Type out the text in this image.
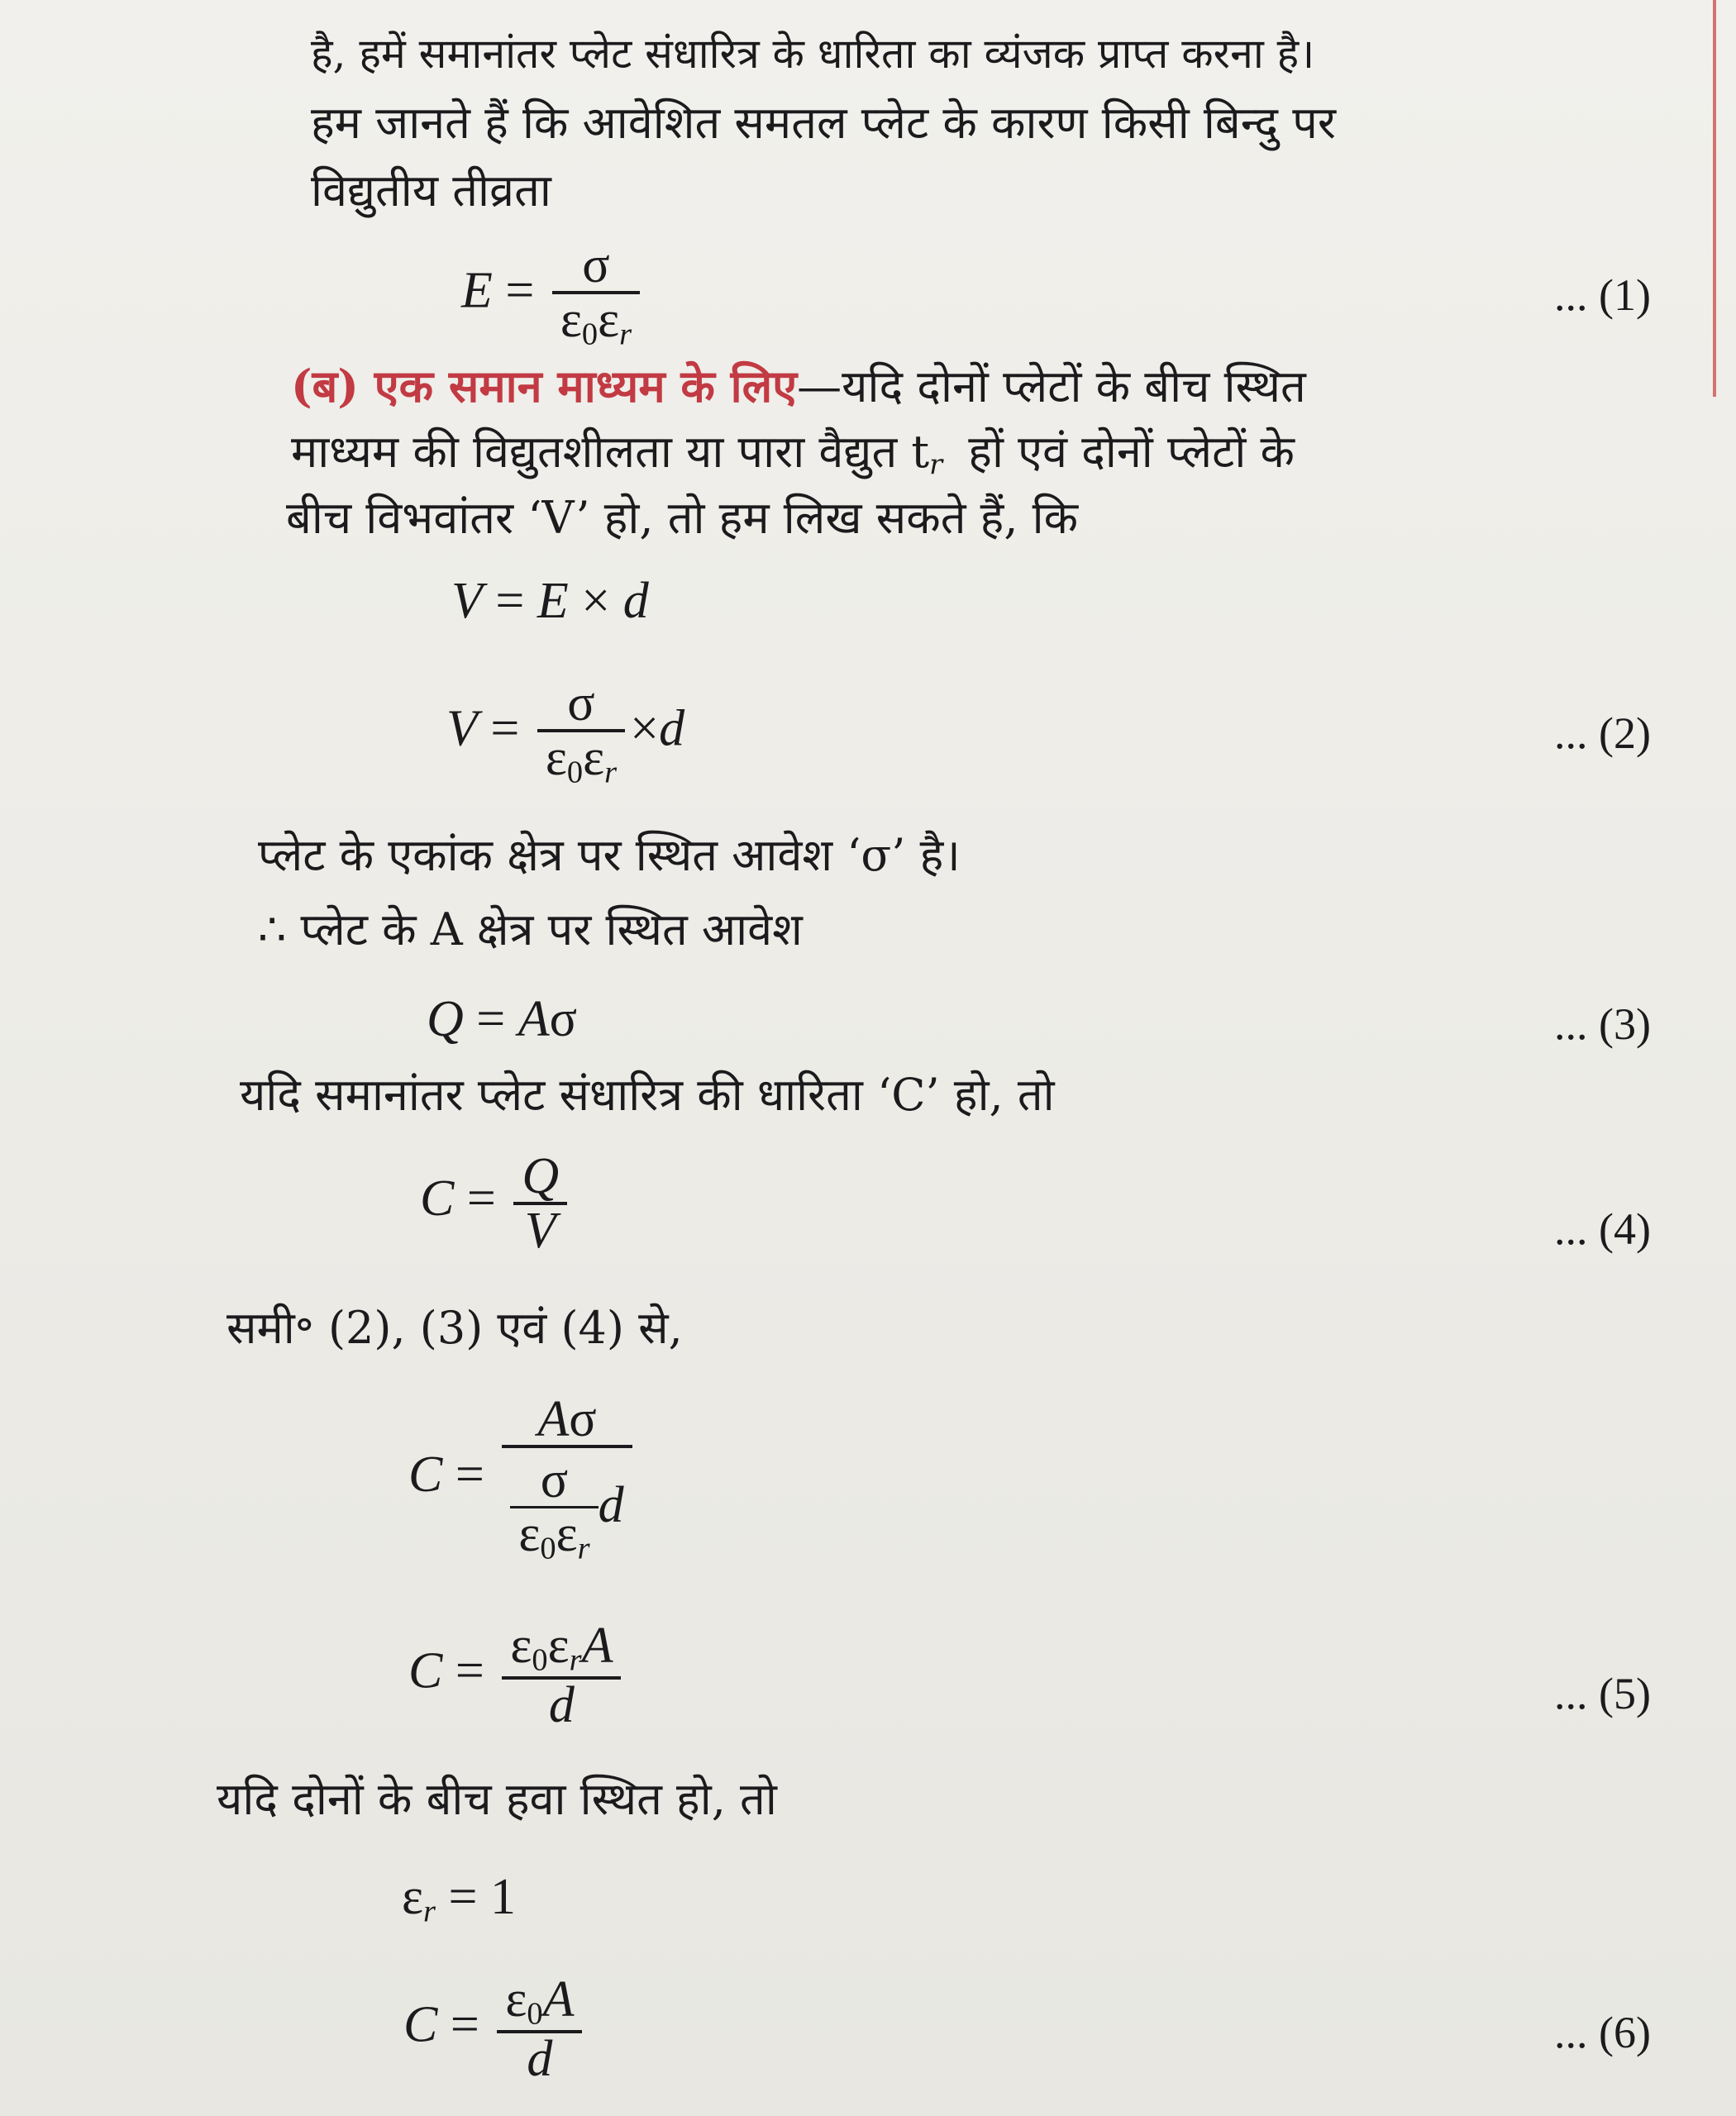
है, हमें समानांतर प्लेट संधारित्र के धारिता का व्यंजक प्राप्त करना है।
हम जानते हैं कि आवेशित समतल प्लेट के कारण किसी बिन्दु पर
विद्युतीय तीव्रता
$E = \frac{\sigma}{\varepsilon_0\varepsilon_r}$	... (1)
(ब) एक समान माध्यम के लिए—यदि दोनों प्लेटों के बीच स्थित
माध्यम की विद्युतशीलता या पारा वैद्युत $t_r$ हों एवं दोनों प्लेटों के
बीच विभवांतर ‘V’ हो, तो हम लिख सकते हैं, कि
V = E × d
$V = \frac{\sigma}{\varepsilon_0\varepsilon_r} \times d$	... (2)
प्लेट के एकांक क्षेत्र पर स्थित आवेश ‘σ’ है।
∴ प्लेट के A क्षेत्र पर स्थित आवेश
Q = Aσ	... (3)
यदि समानांतर प्लेट संधारित्र की धारिता ‘C’ हो, तो
$C = \frac{Q}{V}$	... (4)
समी॰ (2), (3) एवं (4) से,
$C = \frac{A\sigma}{\frac{\sigma}{\varepsilon_0\varepsilon_r} d}$
$C = \frac{\varepsilon_0\varepsilon_rA}{d}$	... (5)
यदि दोनों के बीच हवा स्थित हो, तो
$\varepsilon_r = 1$
$C = \frac{\varepsilon_0A}{d}$	... (6)
